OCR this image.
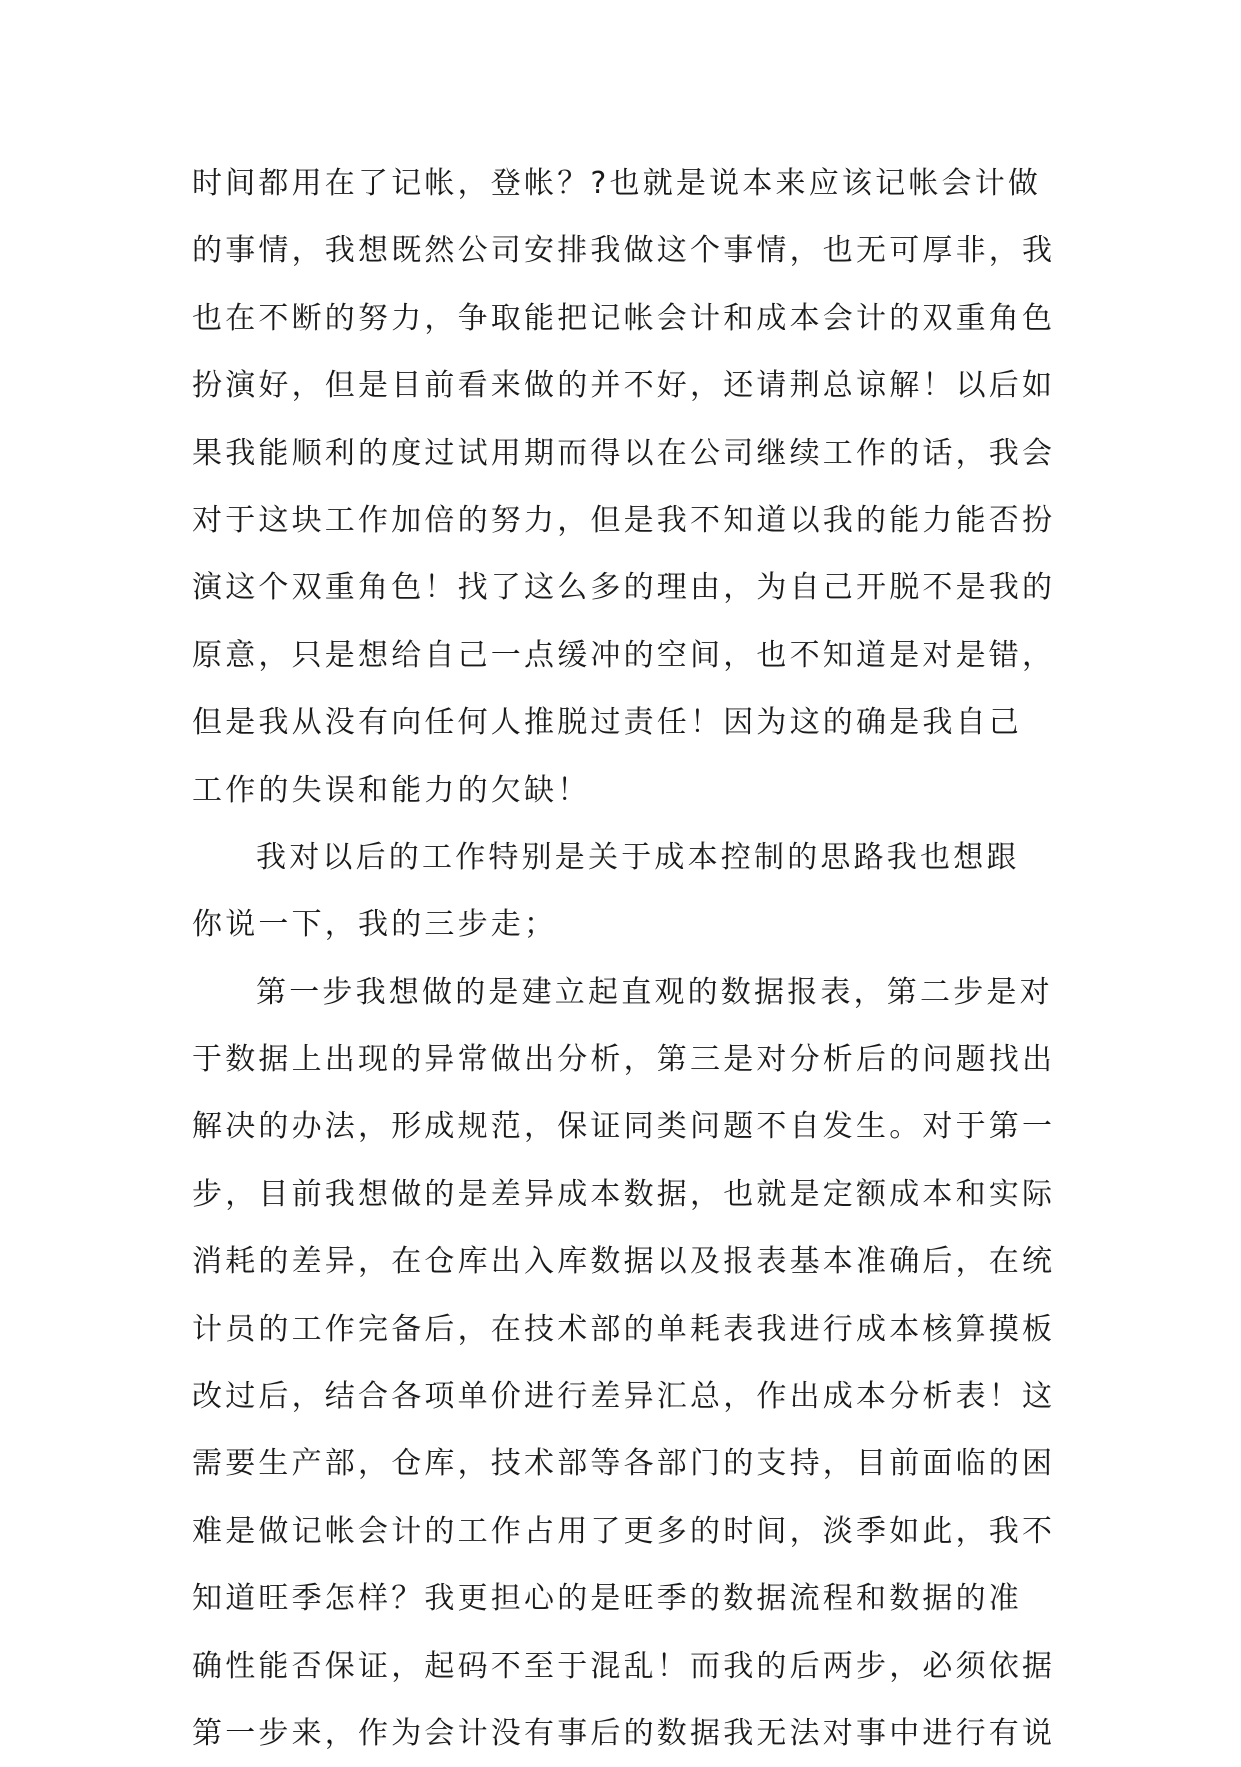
时间都用在了记帐，登帐？?也就是说本来应该记帐会计做
的事情，我想既然公司安排我做这个事情，也无可厚非，我
也在不断的努力，争取能把记帐会计和成本会计的双重角色
扮演好，但是目前看来做的并不好，还请荆总谅解！以后如
果我能顺利的度过试用期而得以在公司继续工作的话，我会
对于这块工作加倍的努力，但是我不知道以我的能力能否扮
演这个双重角色！找了这么多的理由，为自己开脱不是我的
原意，只是想给自己一点缓冲的空间，也不知道是对是错，
但是我从没有向任何人推脱过责任！因为这的确是我自己
工作的失误和能力的欠缺！
我对以后的工作特别是关于成本控制的思路我也想跟
你说一下，我的三步走；
第一步我想做的是建立起直观的数据报表，第二步是对
于数据上出现的异常做出分析，第三是对分析后的问题找出
解决的办法，形成规范，保证同类问题不自发生。对于第一
步，目前我想做的是差异成本数据，也就是定额成本和实际
消耗的差异，在仓库出入库数据以及报表基本准确后，在统
计员的工作完备后，在技术部的单耗表我进行成本核算摸板
改过后，结合各项单价进行差异汇总，作出成本分析表！这
需要生产部，仓库，技术部等各部门的支持，目前面临的困
难是做记帐会计的工作占用了更多的时间，淡季如此，我不
知道旺季怎样？我更担心的是旺季的数据流程和数据的准
确性能否保证，起码不至于混乱！而我的后两步，必须依据
第一步来，作为会计没有事后的数据我无法对事中进行有说
